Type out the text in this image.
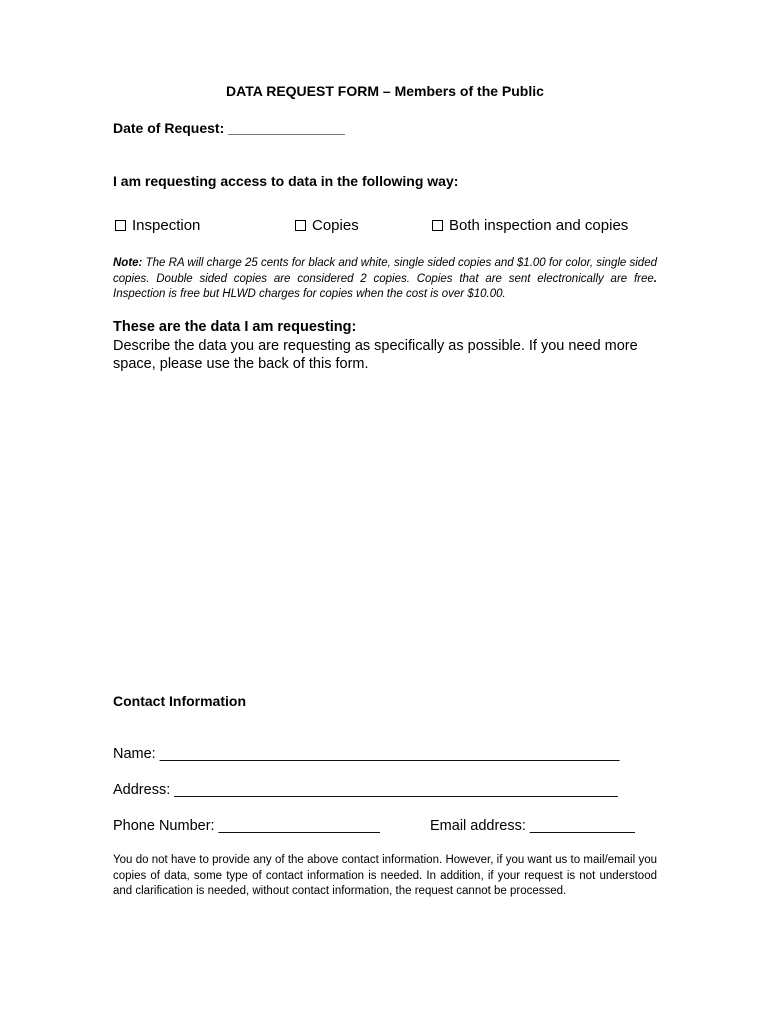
DATA REQUEST FORM – Members of the Public
Date of Request: _______________
I am requesting access to data in the following way:
Inspection	Copies	Both inspection and copies
Note: The RA will charge 25 cents for black and white, single sided copies and $1.00 for color, single sided copies. Double sided copies are considered 2 copies. Copies that are sent electronically are free. Inspection is free but HLWD charges for copies when the cost is over $10.00.
These are the data I am requesting:
Describe the data you are requesting as specifically as possible. If you need more space, please use the back of this form.
Contact Information
Name: _________________________________________________________
Address: _______________________________________________________
Phone Number: ____________________	Email address: _____________
You do not have to provide any of the above contact information. However, if you want us to mail/email you copies of data, some type of contact information is needed. In addition, if your request is not understood and clarification is needed, without contact information, the request cannot be processed.
